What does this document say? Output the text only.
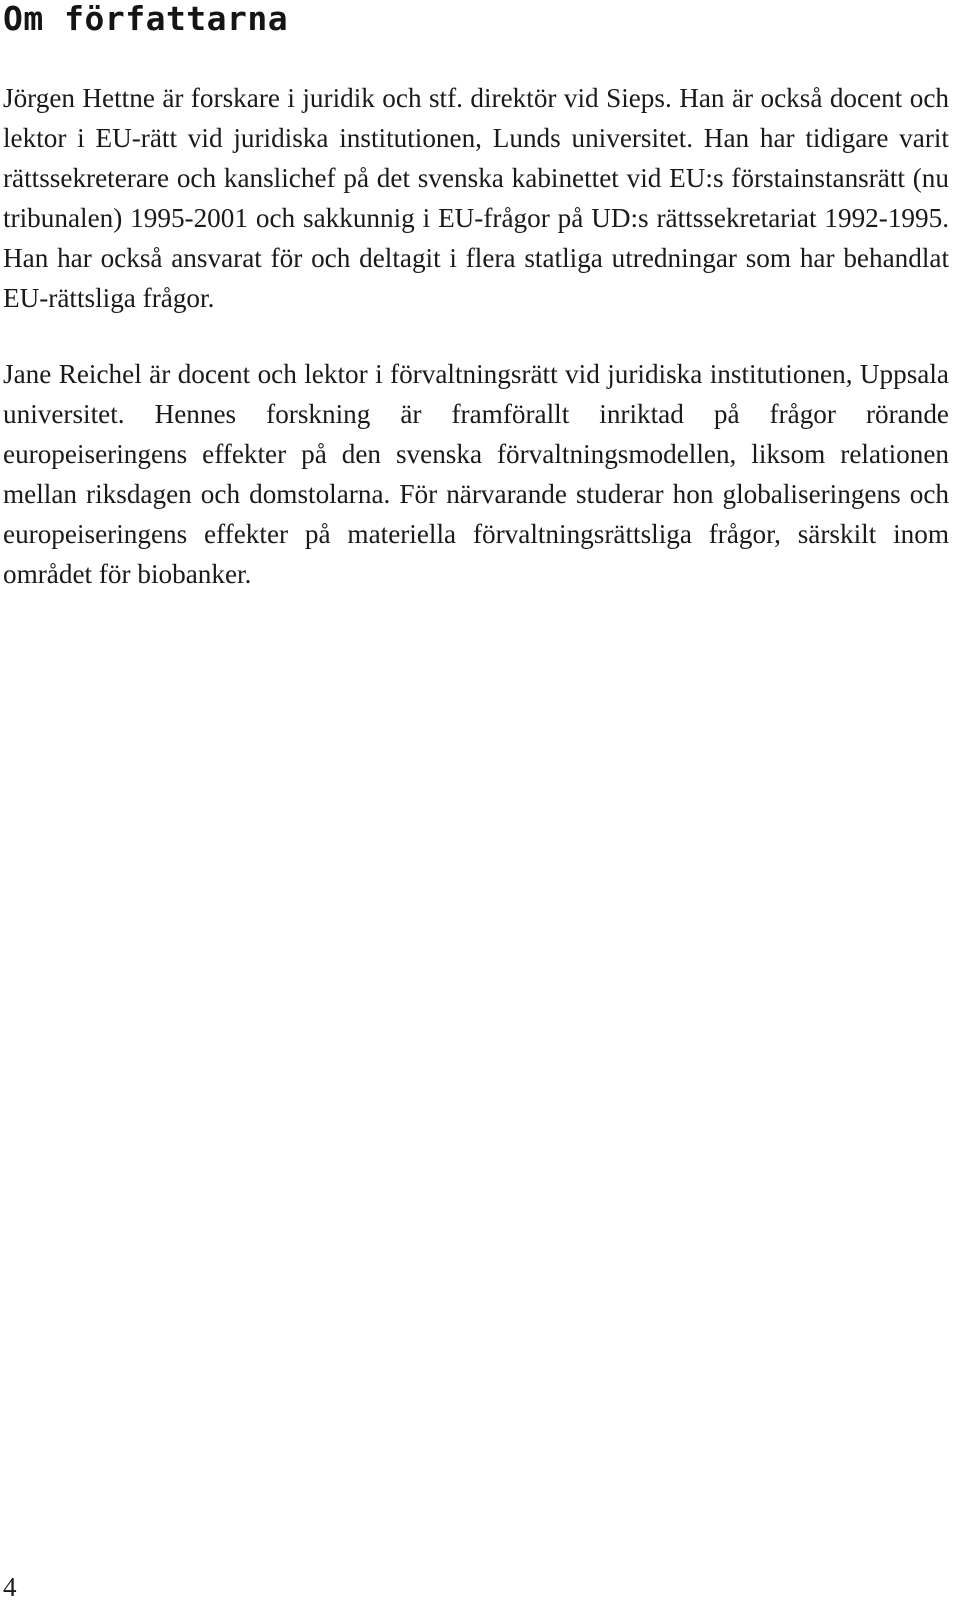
Om författarna

Jörgen Hettne är forskare i juridik och stf. direktör vid Sieps. Han är också docent och lektor i EU-rätt vid juridiska institutionen, Lunds universitet. Han har tidigare varit rättssekreterare och kanslichef på det svenska kabinettet vid EU:s förstainstansrätt (nu tribunalen) 1995-2001 och sakkunnig i EU-frågor på UD:s rättssekretariat 1992-1995. Han har också ansvarat för och deltagit i flera statliga utredningar som har behandlat EU-rättsliga frågor.

Jane Reichel är docent och lektor i förvaltningsrätt vid juridiska institutionen, Uppsala universitet. Hennes forskning är framförallt inriktad på frågor rörande europeiseringens effekter på den svenska förvaltningsmodellen, liksom relationen mellan riksdagen och domstolarna. För närvarande studerar hon globaliseringens och europeiseringens effekter på materiella förvaltningsrättsliga frågor, särskilt inom området för biobanker.

4
